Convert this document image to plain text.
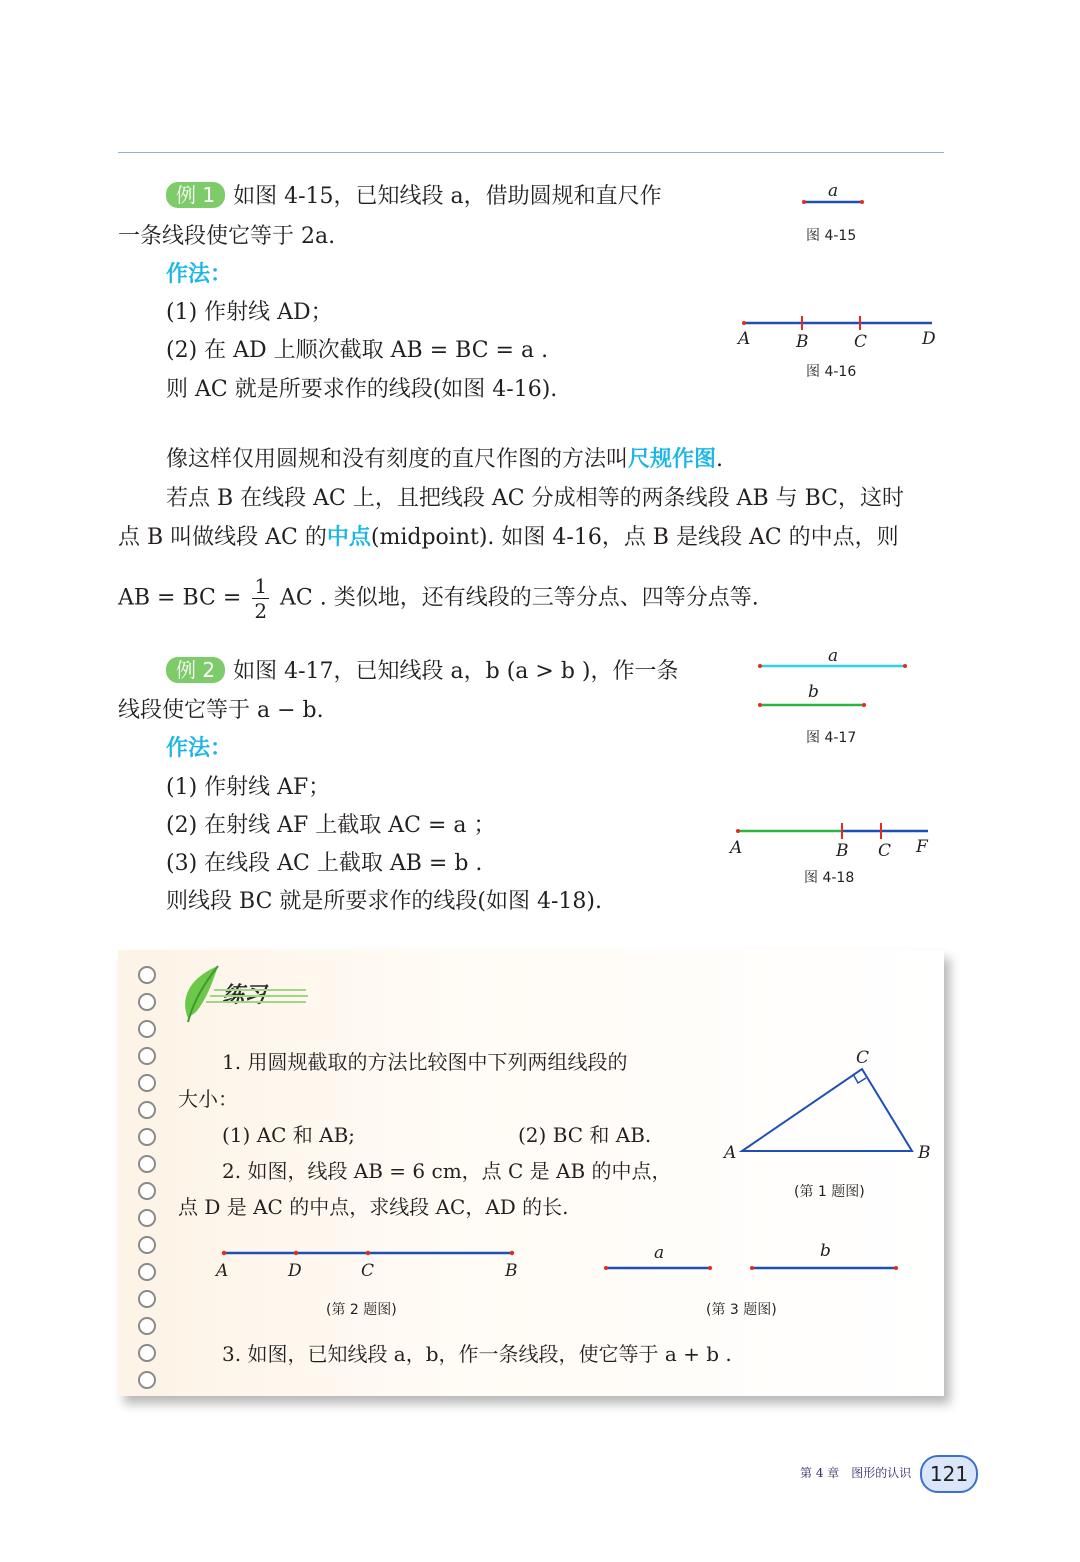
例 1 如图 4-15，已知线段 a，借助圆规和直尺作
一条线段使它等于 2a.
作法：
(1) 作射线 AD；
(2) 在 AD 上顺次截取 AB = BC = a .
则 AC 就是所要求作的线段(如图 4-16).
像这样仅用圆规和没有刻度的直尺作图的方法叫尺规作图.
若点 B 在线段 AC 上，且把线段 AC 分成相等的两条线段 AB 与 BC，这时
点 B 叫做线段 AC 的中点(midpoint). 如图 4-16，点 B 是线段 AC 的中点，则
AB = BC = $\frac{1}{2}$ AC . 类似地，还有线段的三等分点、四等分点等.
例 2 如图 4-17，已知线段 a，b (a > b )，作一条
线段使它等于 a − b.
作法：
(1) 作射线 AF；
(2) 在射线 AF 上截取 AC = a ；
(3) 在线段 AC 上截取 AB = b .
则线段 BC 就是所要求作的线段(如图 4-18).
练习
1. 用圆规截取的方法比较图中下列两组线段的
大小：
(1) AC 和 AB;	(2) BC 和 AB.
2. 如图，线段 AB = 6 cm，点 C 是 AB 的中点，
点 D 是 AC 的中点，求线段 AC，AD 的长.
3. 如图，已知线段 a，b，作一条线段，使它等于 a + b .
a
图 4-15
A	B	C	D
图 4-16
a
b
图 4-17
A	B C F
图 4-18
A	B
C
(第 1 题图)
A	D	C	B
(第 2 题图)
a	b
(第 3 题图)
第 4 章　图形的认识 121
